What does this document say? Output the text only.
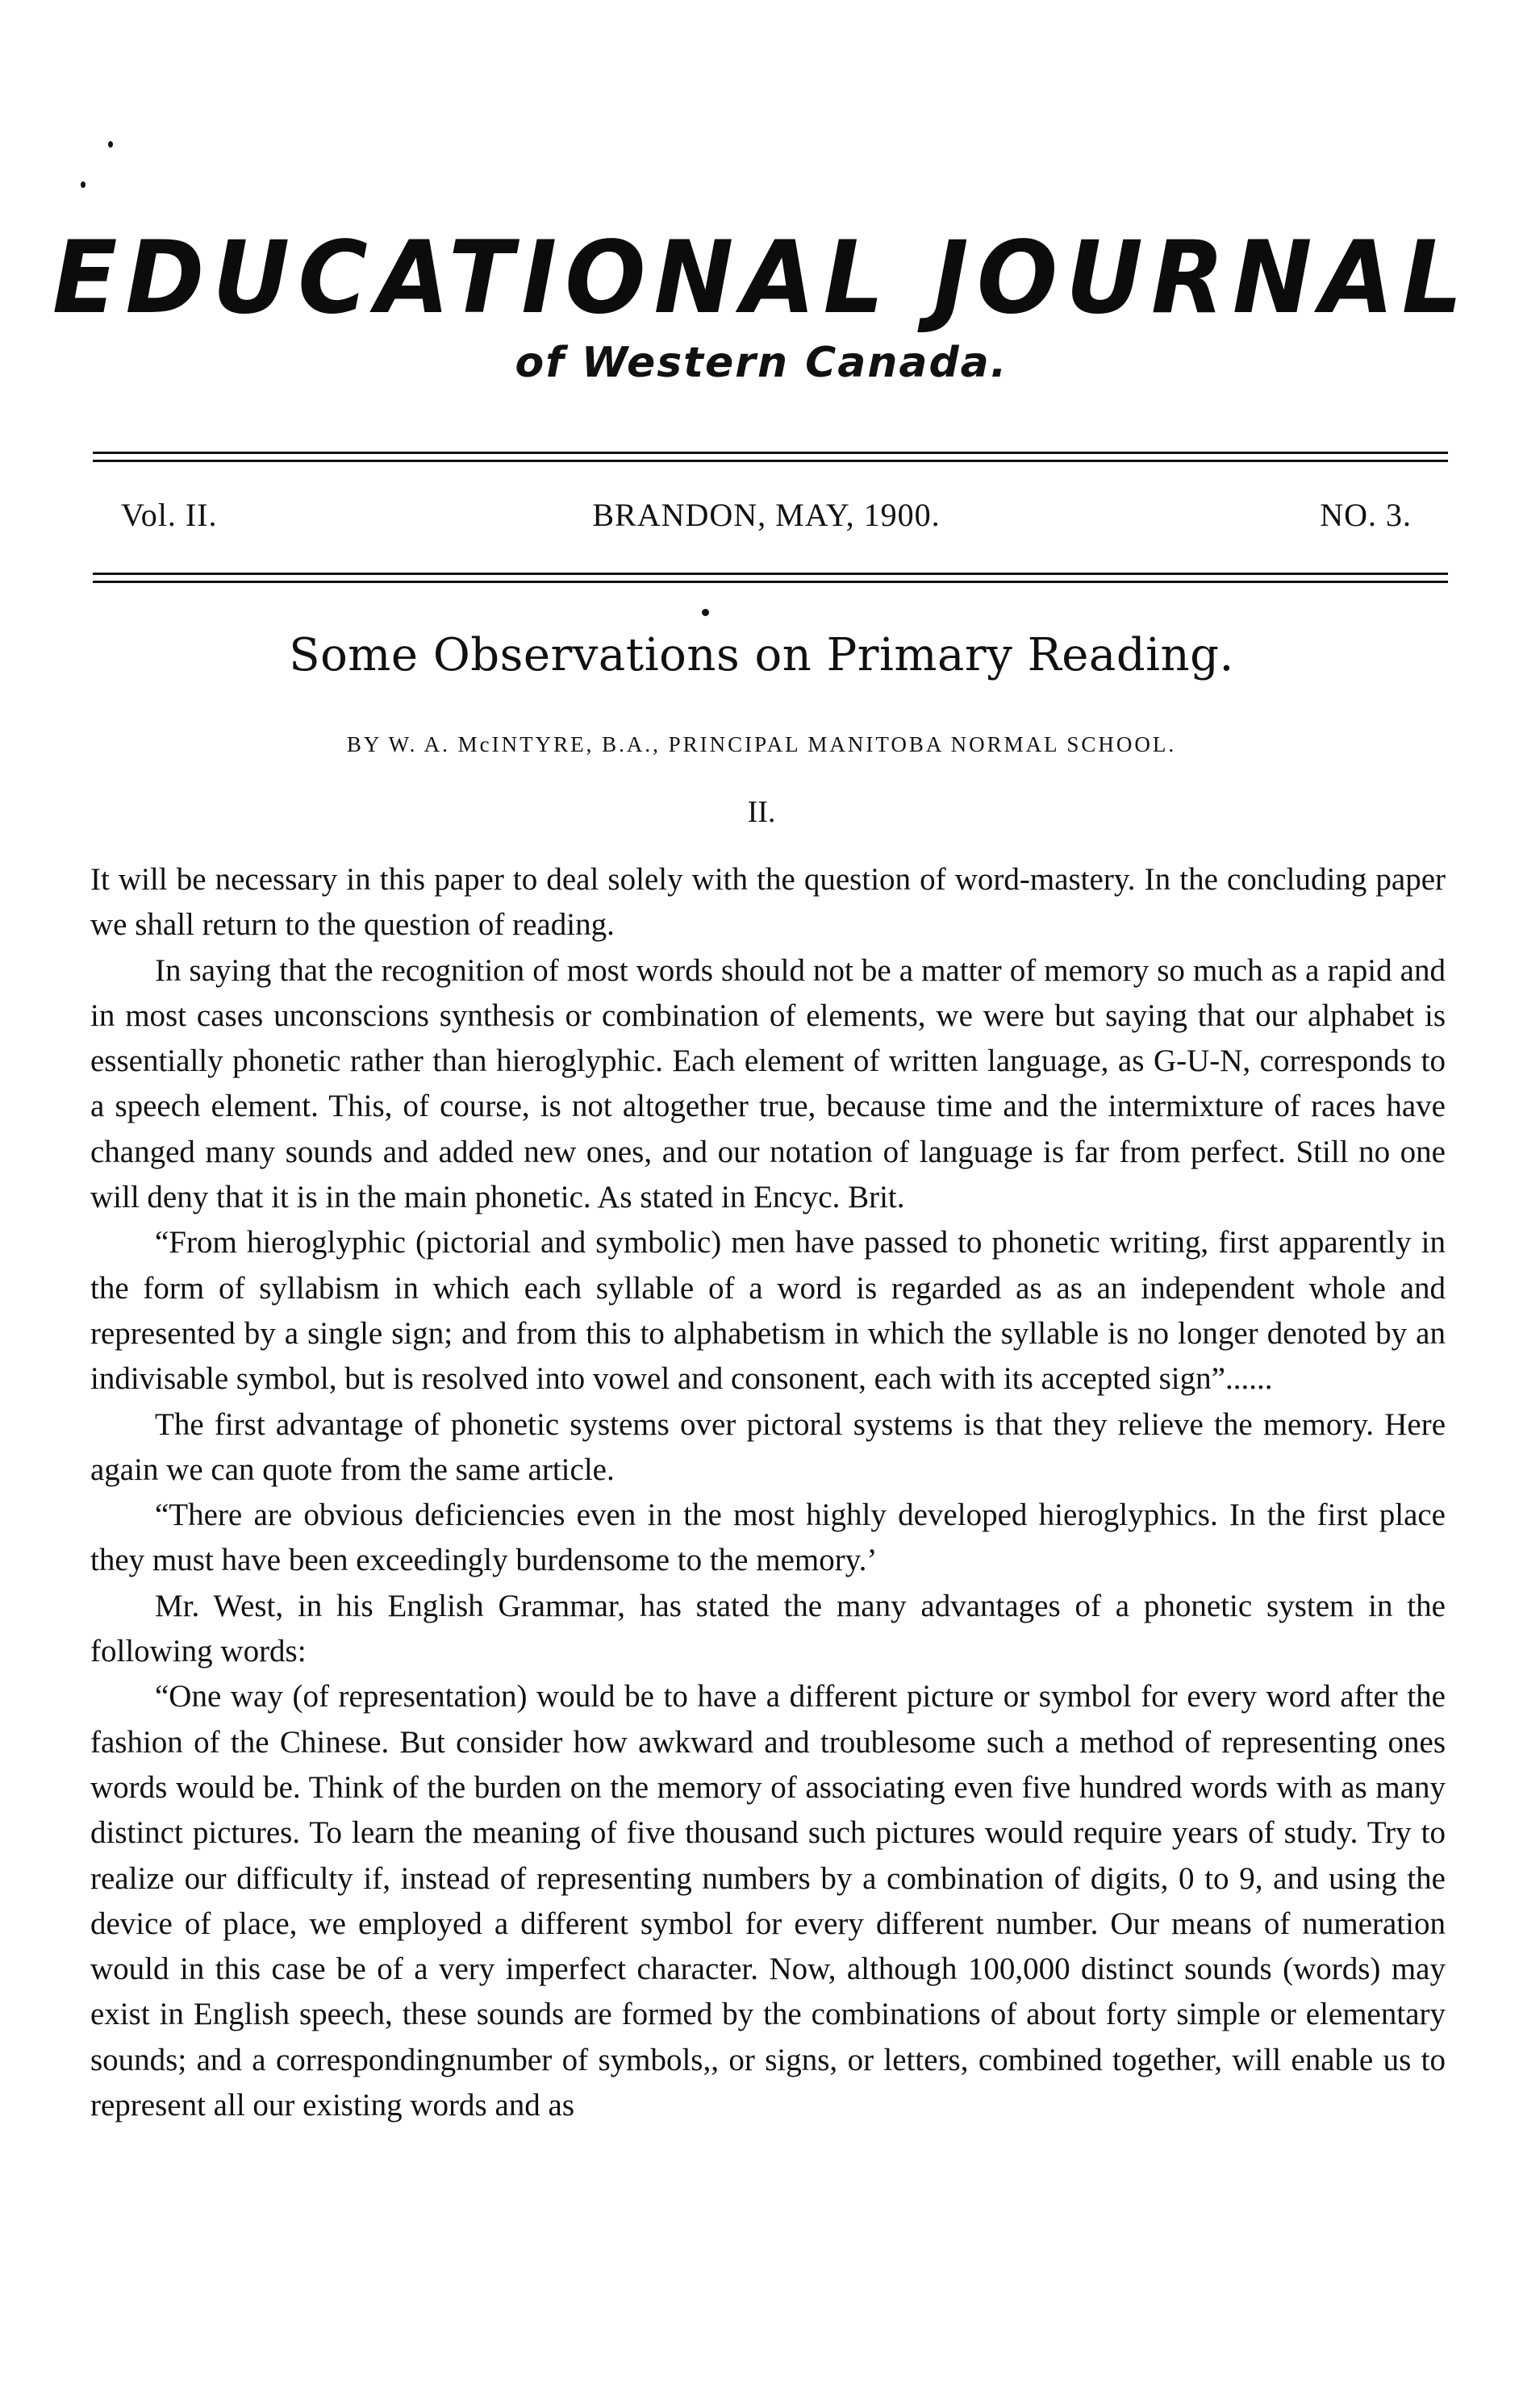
EDUCATIONAL JOURNAL
of Western Canada.
Vol. II.	BRANDON, MAY, 1900.	NO. 3.
Some Observations on Primary Reading.
BY W. A. McINTYRE, B.A., PRINCIPAL MANITOBA NORMAL SCHOOL.
II.

It will be necessary in this paper to deal solely with the question of word-mastery. In the concluding paper we shall return to the question of reading.

In saying that the recognition of most words should not be a matter of memory so much as a rapid and in most cases unconscions synthesis or combination of elements, we were but saying that our alphabet is essentially phonetic rather than hieroglyphic. Each element of written language, as G-U-N, corresponds to a speech element. This, of course, is not altogether true, because time and the intermixture of races have changed many sounds and added new ones, and our notation of language is far from perfect. Still no one will deny that it is in the main phonetic. As stated in Encyc. Brit.

“From hieroglyphic (pictorial and symbolic) men have passed to phonetic writing, first apparently in the form of syllabism in which each syllable of a word is regarded as as an independent whole and represented by a single sign; and from this to alphabetism in which the syllable is no longer denoted by an indivisable symbol, but is resolved into vowel and consonent, each with its accepted sign”......

The first advantage of phonetic systems over pictoral systems is that they relieve the memory. Here again we can quote from the same article.

“There are obvious deficiencies even in the most highly developed hieroglyphics. In the first place they must have been exceedingly burdensome to the memory.’

Mr. West, in his English Grammar, has stated the many advantages of a phonetic system in the following words:

“One way (of representation) would be to have a different picture or symbol for every word after the fashion of the Chinese. But consider how awkward and troublesome such a method of representing ones words would be. Think of the burden on the memory of associating even five hundred words with as many distinct pictures. To learn the meaning of five thousand such pictures would require years of study. Try to realize our difficulty if, instead of representing numbers by a combination of digits, 0 to 9, and using the device of place, we employed a different symbol for every different number. Our means of numeration would in this case be of a very imperfect character. Now, although 100,000 distinct sounds (words) may exist in English speech, these sounds are formed by the combinations of about forty simple or elementary sounds; and a correspondingnumber of symbols,, or signs, or letters, combined together, will enable us to represent all our existing words and as
